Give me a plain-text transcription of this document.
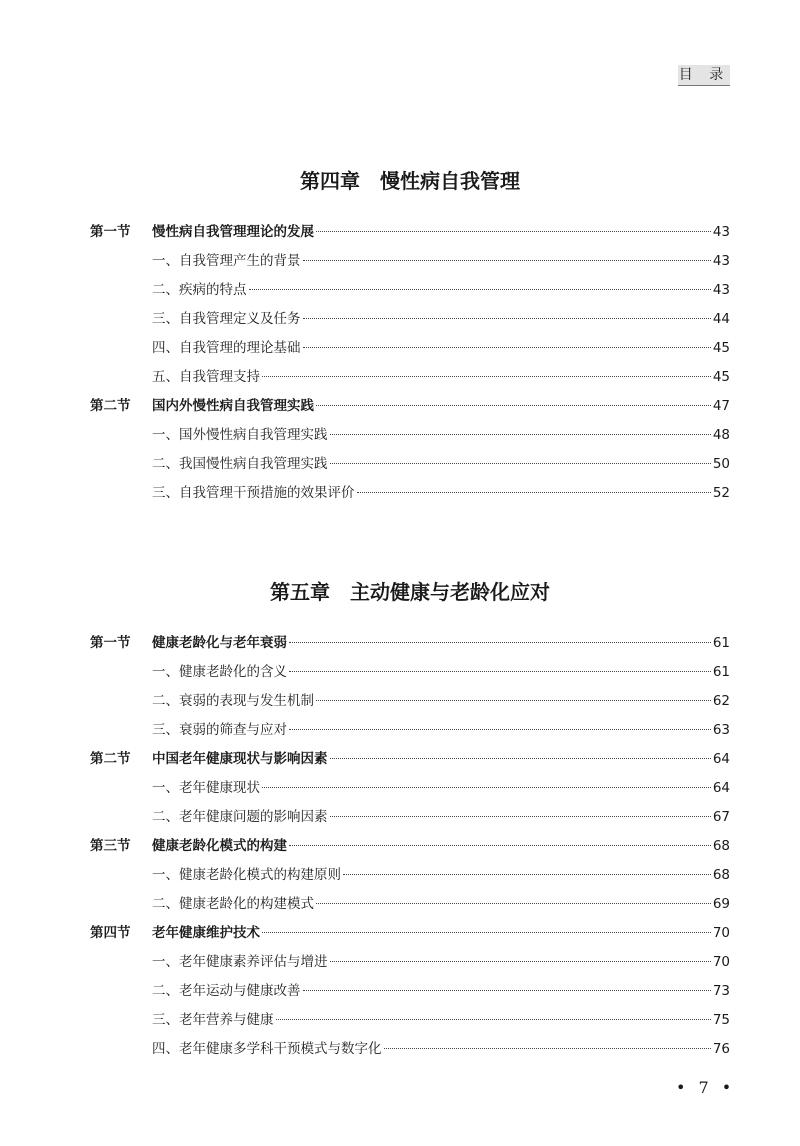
目 录
第四章　慢性病自我管理
第一节	慢性病自我管理理论的发展	43
一、自我管理产生的背景	43
二、疾病的特点	43
三、自我管理定义及任务	44
四、自我管理的理论基础	45
五、自我管理支持	45
第二节	国内外慢性病自我管理实践	47
一、国外慢性病自我管理实践	48
二、我国慢性病自我管理实践	50
三、自我管理干预措施的效果评价	52
第五章　主动健康与老龄化应对
第一节	健康老龄化与老年衰弱	61
一、健康老龄化的含义	61
二、衰弱的表现与发生机制	62
三、衰弱的筛查与应对	63
第二节	中国老年健康现状与影响因素	64
一、老年健康现状	64
二、老年健康问题的影响因素	67
第三节	健康老龄化模式的构建	68
一、健康老龄化模式的构建原则	68
二、健康老龄化的构建模式	69
第四节	老年健康维护技术	70
一、老年健康素养评估与增进	70
二、老年运动与健康改善	73
三、老年营养与健康	75
四、老年健康多学科干预模式与数字化	76
• 7 •
